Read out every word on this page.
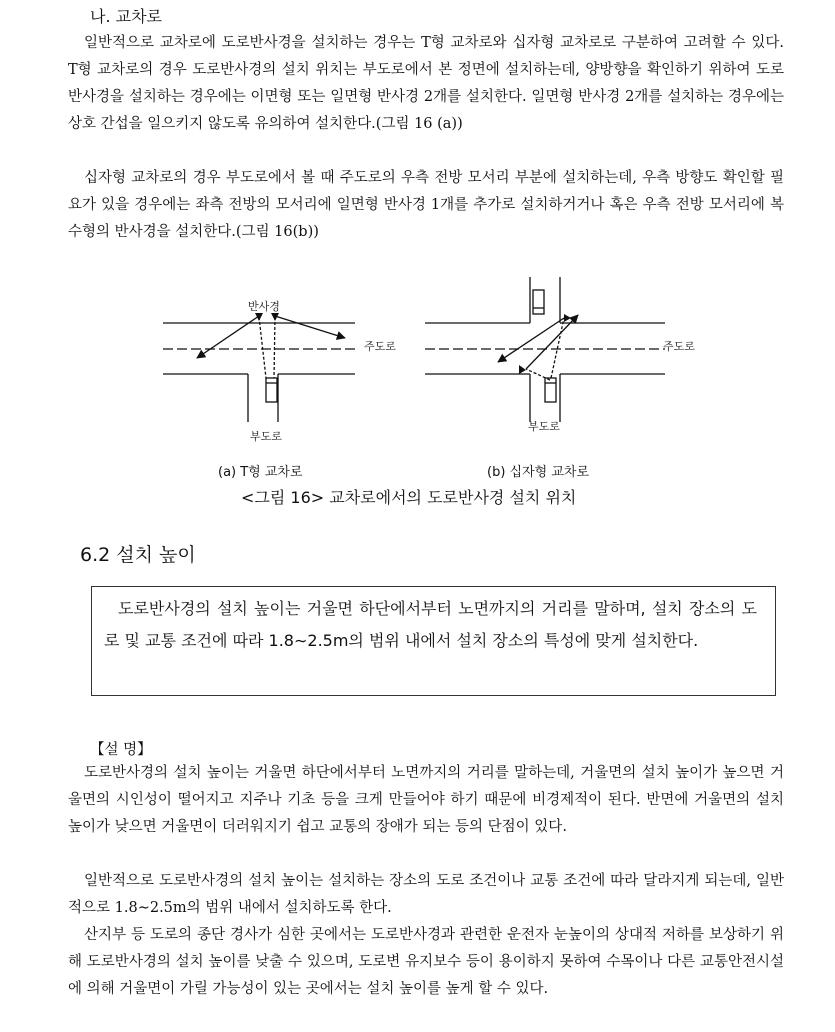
나. 교차로

일반적으로 교차로에 도로반사경을 설치하는 경우는 T형 교차로와 십자형 교차로로 구분하여 고려할 수 있다. T형 교차로의 경우 도로반사경의 설치 위치는 부도로에서 본 정면에 설치하는데, 양방향을 확인하기 위하여 도로반사경을 설치하는 경우에는 이면형 또는 일면형 반사경 2개를 설치한다. 일면형 반사경 2개를 설치하는 경우에는 상호 간섭을 일으키지 않도록 유의하여 설치한다.(그림 16 (a))

십자형 교차로의 경우 부도로에서 볼 때 주도로의 우측 전방 모서리 부분에 설치하는데, 우측 방향도 확인할 필요가 있을 경우에는 좌측 전방의 모서리에 일면형 반사경 1개를 추가로 설치하거거나 혹은 우측 전방 모서리에 복수형의 반사경을 설치한다.(그림 16(b))

반사경
주도로
부도로
주도로
부도로
(a) T형 교차로	(b) 십자형 교차로
<그림 16> 교차로에서의 도로반사경 설치 위치
6.2 설치 높이

도로반사경의 설치 높이는 거울면 하단에서부터 노면까지의 거리를 말하며, 설치 장소의 도로 및 교통 조건에 따라 1.8∼2.5m의 범위 내에서 설치 장소의 특성에 맞게 설치한다.

【설 명】

도로반사경의 설치 높이는 거울면 하단에서부터 노면까지의 거리를 말하는데, 거울면의 설치 높이가 높으면 거울면의 시인성이 떨어지고 지주나 기초 등을 크게 만들어야 하기 때문에 비경제적이 된다. 반면에 거울면의 설치 높이가 낮으면 거울면이 더러워지기 쉽고 교통의 장애가 되는 등의 단점이 있다.

일반적으로 도로반사경의 설치 높이는 설치하는 장소의 도로 조건이나 교통 조건에 따라 달라지게 되는데, 일반적으로 1.8∼2.5m의 범위 내에서 설치하도록 한다.

산지부 등 도로의 종단 경사가 심한 곳에서는 도로반사경과 관련한 운전자 눈높이의 상대적 저하를 보상하기 위해 도로반사경의 설치 높이를 낮출 수 있으며, 도로변 유지보수 등이 용이하지 못하여 수목이나 다른 교통안전시설에 의해 거울면이 가릴 가능성이 있는 곳에서는 설치 높이를 높게 할 수 있다.
